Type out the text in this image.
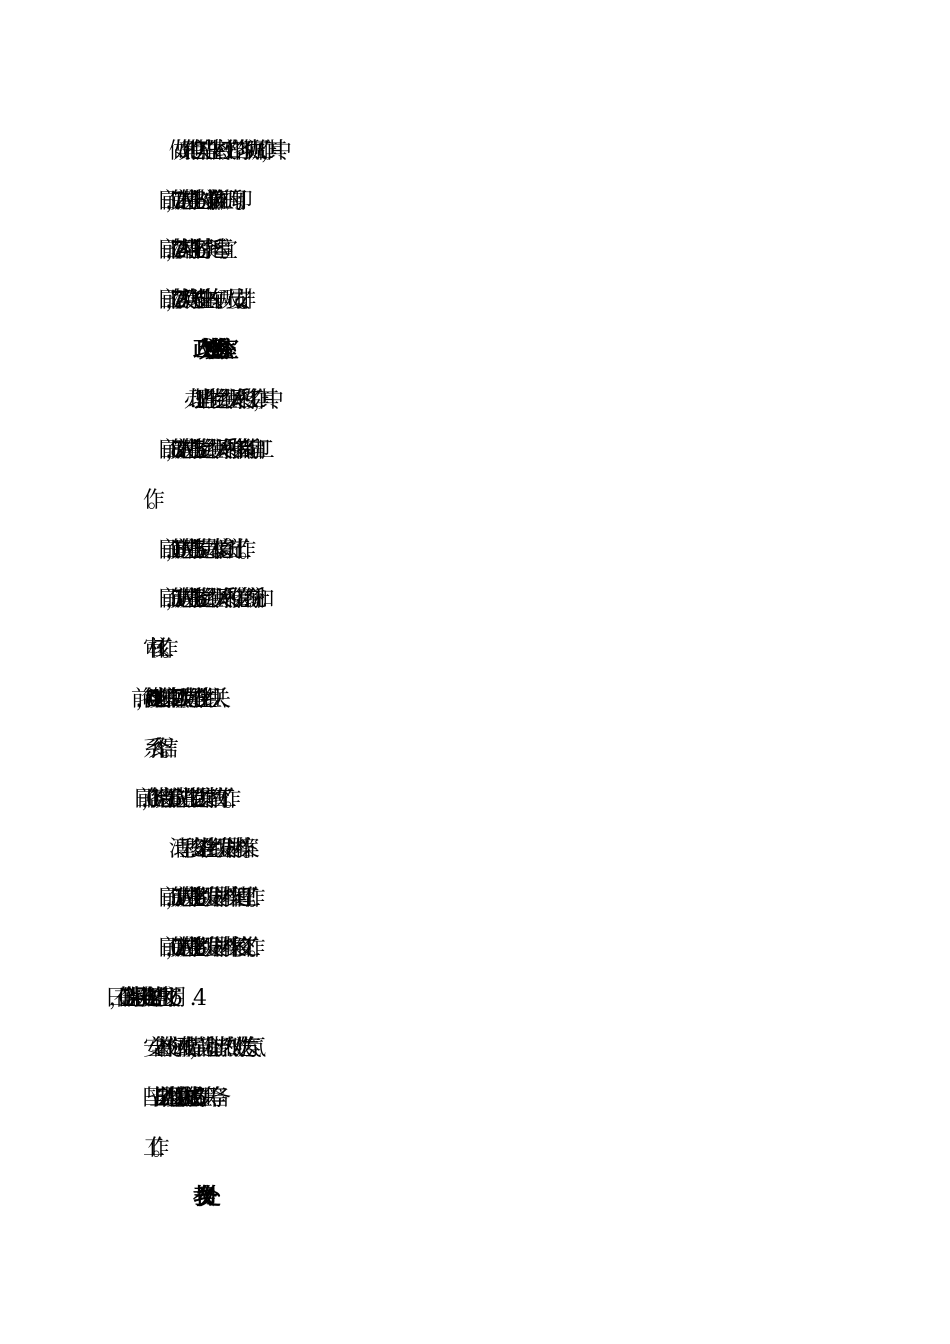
7. 做好其他有关毕业生离校工作的各项协调工作，其中
6 月 27 日前，完成毕业生《毕业证》、《学位证》的用印。
6 月 27 日前，落实毕业生行李托运事宜。
6 月 27 日前，落实欢送毕业生的车辆、人员安排。
政工处（党委办公室）
1.　办理毕业生党员组织关系转移工作，其中
5 月 28 日前，完成毕业生党员组织关系转移指南的编印工
作。
5 月 31 日前，完成毕业生党员基本信息统计工作。
6 月 15 日前，完成毕业生党员组织关系转移信息的统计和
审核工作。
6 月 27 日 14：00 前，各党支部集中领取党员毕业生组织关
系介绍信。
2. 6 月 10 日前，各党支部完成毕业生党员集中教育工作。
3. 清理、移交毕业生组织发展材料档案。
6 月 15 日前，完成毕业生组织发展材料档案清理工作。
6 月 20 日前，完成毕业生组织发展材料档案移交工作。
安全离校的标语或横幅，营造和谐、热烈的欢送气氛。
5. 协助完成 6 月 25 日毕业典礼及授位仪式的组织、筹备
工作。
教务处
